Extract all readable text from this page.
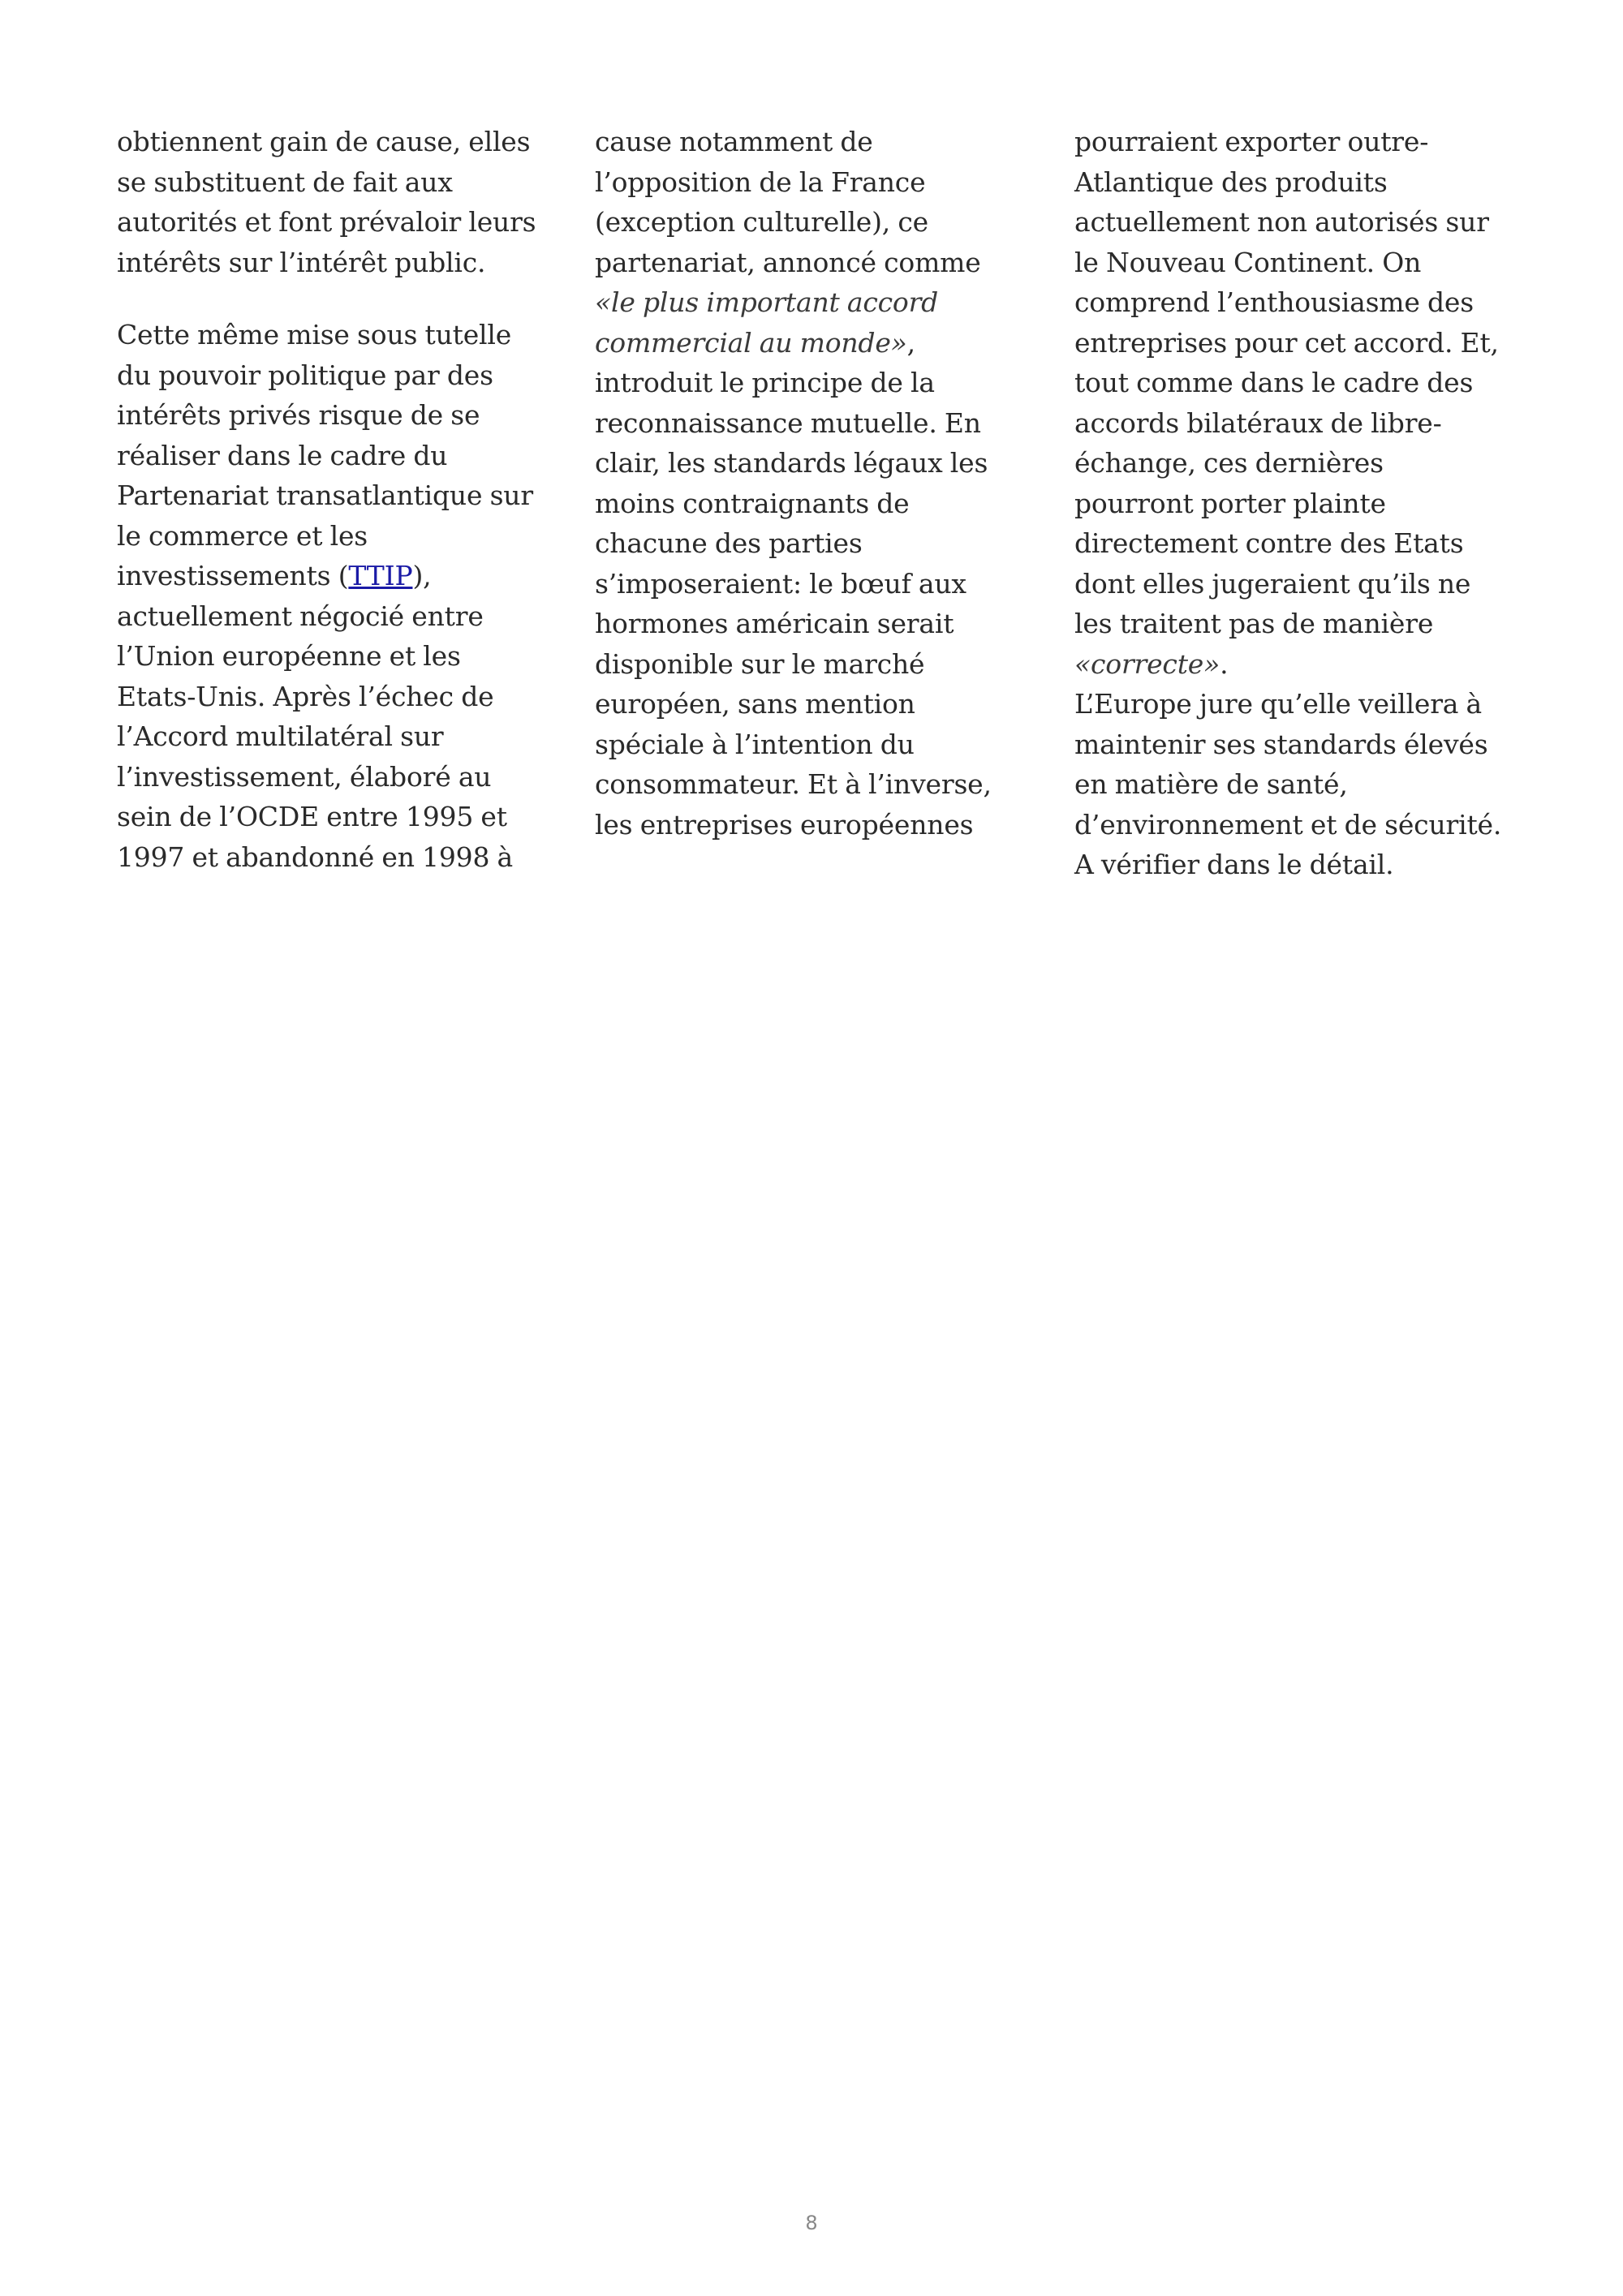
obtiennent gain de cause, elles
se substituent de fait aux
autorités et font prévaloir leurs
intérêts sur l’intérêt public.

Cette même mise sous tutelle
du pouvoir politique par des
intérêts privés risque de se
réaliser dans le cadre du
Partenariat transatlantique sur
le commerce et les
investissements (TTIP),
actuellement négocié entre
l’Union européenne et les
Etats-Unis. Après l’échec de
l’Accord multilatéral sur
l’investissement, élaboré au
sein de l’OCDE entre 1995 et
1997 et abandonné en 1998 à

cause notamment de
l’opposition de la France
(exception culturelle), ce
partenariat, annoncé comme
«le plus important accord
commercial au monde»,
introduit le principe de la
reconnaissance mutuelle. En
clair, les standards légaux les
moins contraignants de
chacune des parties
s’imposeraient: le bœuf aux
hormones américain serait
disponible sur le marché
européen, sans mention
spéciale à l’intention du
consommateur. Et à l’inverse,
les entreprises européennes

pourraient exporter outre-
Atlantique des produits
actuellement non autorisés sur
le Nouveau Continent. On
comprend l’enthousiasme des
entreprises pour cet accord. Et,
tout comme dans le cadre des
accords bilatéraux de libre-
échange, ces dernières
pourront porter plainte
directement contre des Etats
dont elles jugeraient qu’ils ne
les traitent pas de manière
«correcte».
L’Europe jure qu’elle veillera à
maintenir ses standards élevés
en matière de santé,
d’environnement et de sécurité.
A vérifier dans le détail.

8
